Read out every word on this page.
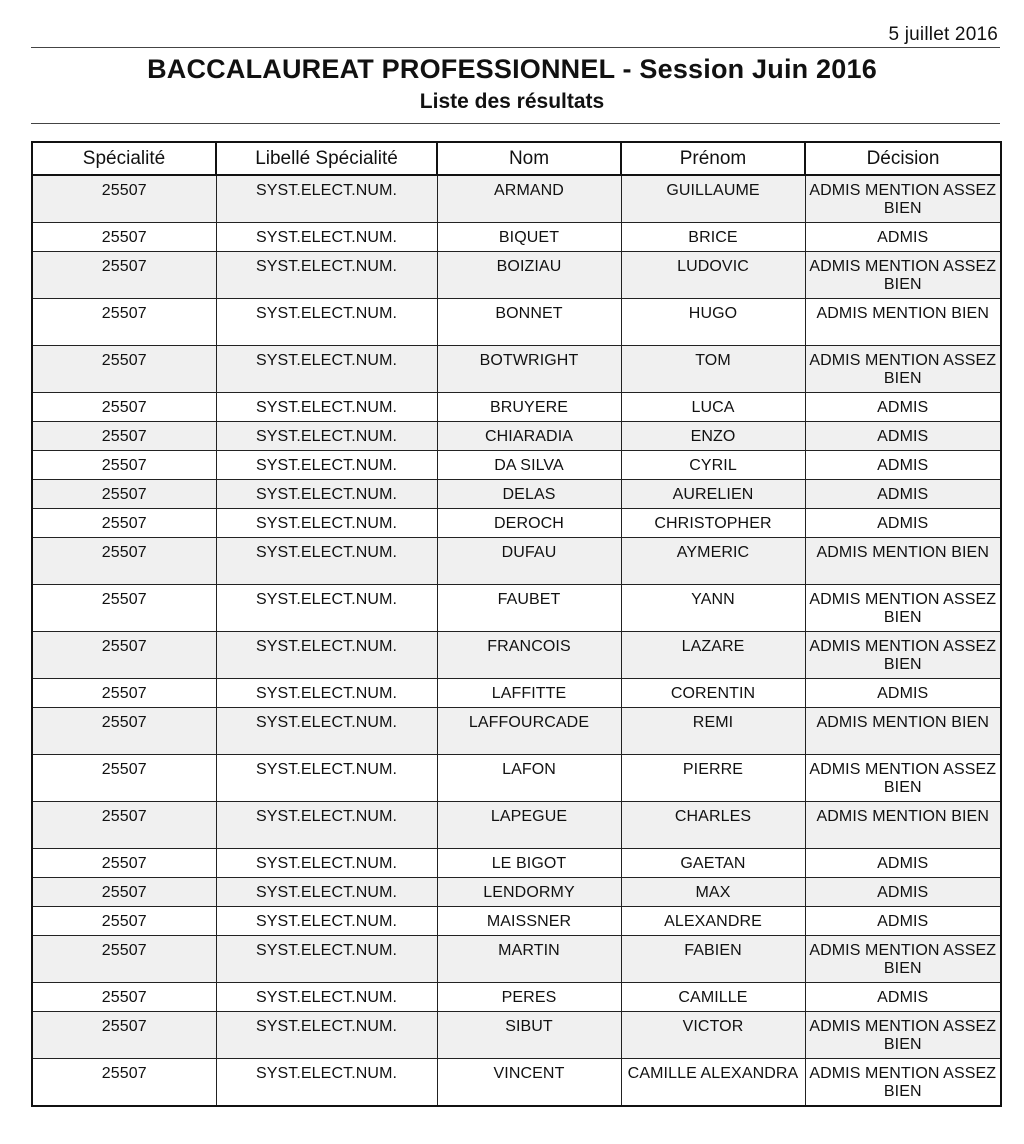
5 juillet 2016
BACCALAUREAT PROFESSIONNEL - Session Juin 2016
Liste des résultats
Spécialité	Libellé Spécialité	Nom	Prénom	Décision
25507	SYST.ELECT.NUM.	ARMAND	GUILLAUME	ADMIS MENTION ASSEZ BIEN
25507	SYST.ELECT.NUM.	BIQUET	BRICE	ADMIS
25507	SYST.ELECT.NUM.	BOIZIAU	LUDOVIC	ADMIS MENTION ASSEZ BIEN
25507	SYST.ELECT.NUM.	BONNET	HUGO	ADMIS MENTION BIEN
25507	SYST.ELECT.NUM.	BOTWRIGHT	TOM	ADMIS MENTION ASSEZ BIEN
25507	SYST.ELECT.NUM.	BRUYERE	LUCA	ADMIS
25507	SYST.ELECT.NUM.	CHIARADIA	ENZO	ADMIS
25507	SYST.ELECT.NUM.	DA SILVA	CYRIL	ADMIS
25507	SYST.ELECT.NUM.	DELAS	AURELIEN	ADMIS
25507	SYST.ELECT.NUM.	DEROCH	CHRISTOPHER	ADMIS
25507	SYST.ELECT.NUM.	DUFAU	AYMERIC	ADMIS MENTION BIEN
25507	SYST.ELECT.NUM.	FAUBET	YANN	ADMIS MENTION ASSEZ BIEN
25507	SYST.ELECT.NUM.	FRANCOIS	LAZARE	ADMIS MENTION ASSEZ BIEN
25507	SYST.ELECT.NUM.	LAFFITTE	CORENTIN	ADMIS
25507	SYST.ELECT.NUM.	LAFFOURCADE	REMI	ADMIS MENTION BIEN
25507	SYST.ELECT.NUM.	LAFON	PIERRE	ADMIS MENTION ASSEZ BIEN
25507	SYST.ELECT.NUM.	LAPEGUE	CHARLES	ADMIS MENTION BIEN
25507	SYST.ELECT.NUM.	LE BIGOT	GAETAN	ADMIS
25507	SYST.ELECT.NUM.	LENDORMY	MAX	ADMIS
25507	SYST.ELECT.NUM.	MAISSNER	ALEXANDRE	ADMIS
25507	SYST.ELECT.NUM.	MARTIN	FABIEN	ADMIS MENTION ASSEZ BIEN
25507	SYST.ELECT.NUM.	PERES	CAMILLE	ADMIS
25507	SYST.ELECT.NUM.	SIBUT	VICTOR	ADMIS MENTION ASSEZ BIEN
25507	SYST.ELECT.NUM.	VINCENT	CAMILLE ALEXANDRA	ADMIS MENTION ASSEZ BIEN
